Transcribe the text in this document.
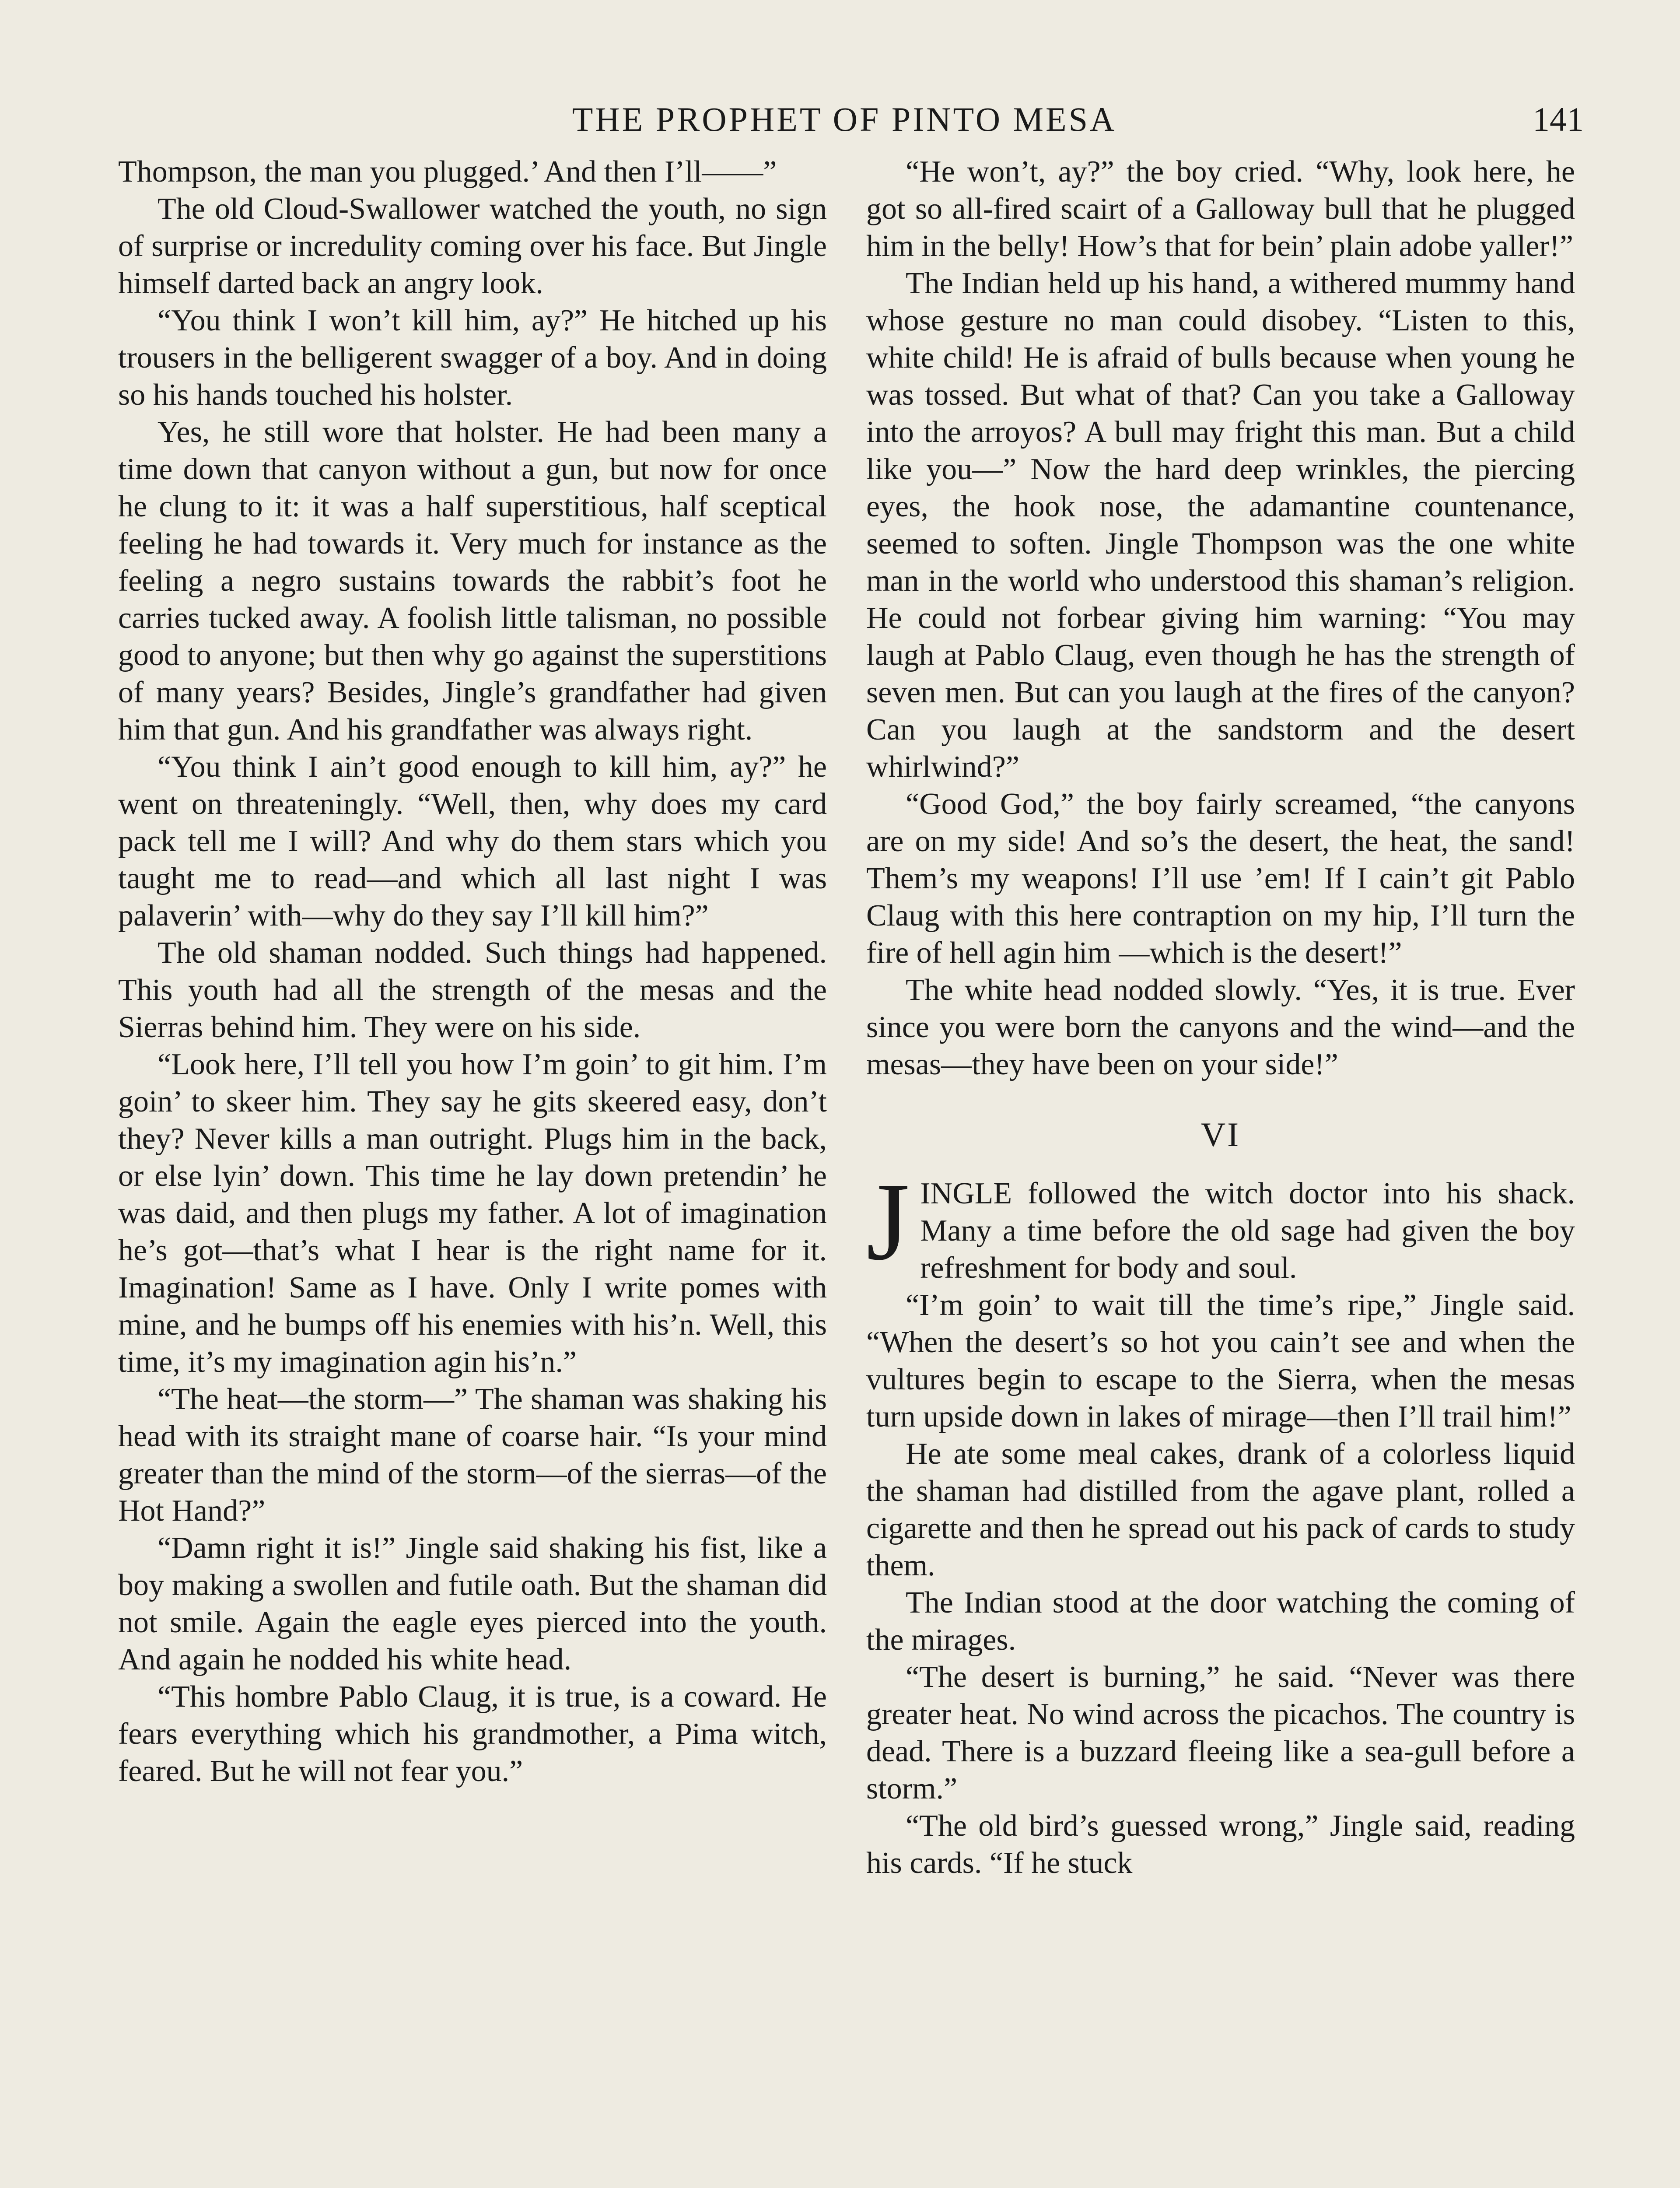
THE PROPHET OF PINTO MESA	141

Thompson, the man you plugged.’ And then I’ll——”

The old Cloud-Swallower watched the youth, no sign of surprise or incredulity coming over his face. But Jingle himself darted back an angry look.

“You think I won’t kill him, ay?” He hitched up his trousers in the belligerent swagger of a boy. And in doing so his hands touched his holster.

Yes, he still wore that holster. He had been many a time down that canyon without a gun, but now for once he clung to it: it was a half superstitious, half sceptical feeling he had towards it. Very much for instance as the feeling a negro sustains towards the rabbit’s foot he carries tucked away. A foolish little talisman, no possible good to anyone; but then why go against the superstitions of many years? Besides, Jingle’s grandfather had given him that gun. And his grandfather was always right.

“You think I ain’t good enough to kill him, ay?” he went on threateningly. “Well, then, why does my card pack tell me I will? And why do them stars which you taught me to read—and which all last night I was palaverin’ with—why do they say I’ll kill him?”

The old shaman nodded. Such things had happened. This youth had all the strength of the mesas and the Sierras behind him. They were on his side.

“Look here, I’ll tell you how I’m goin’ to git him. I’m goin’ to skeer him. They say he gits skeered easy, don’t they? Never kills a man outright. Plugs him in the back, or else lyin’ down. This time he lay down pretendin’ he was daid, and then plugs my father. A lot of imagination he’s got—that’s what I hear is the right name for it. Imagination! Same as I have. Only I write pomes with mine, and he bumps off his enemies with his’n. Well, this time, it’s my imagination agin his’n.”

“The heat—the storm—” The shaman was shaking his head with its straight mane of coarse hair. “Is your mind greater than the mind of the storm—of the sierras—of the Hot Hand?”

“Damn right it is!” Jingle said shaking his fist, like a boy making a swollen and futile oath. But the shaman did not smile. Again the eagle eyes pierced into the youth. And again he nodded his white head.

“This hombre Pablo Claug, it is true, is a coward. He fears everything which his grandmother, a Pima witch, feared. But he will not fear you.”

“He won’t, ay?” the boy cried. “Why, look here, he got so all-fired scairt of a Galloway bull that he plugged him in the belly! How’s that for bein’ plain adobe yaller!”

The Indian held up his hand, a withered mummy hand whose gesture no man could disobey. “Listen to this, white child! He is afraid of bulls because when young he was tossed. But what of that? Can you take a Galloway into the arroyos? A bull may fright this man. But a child like you—” Now the hard deep wrinkles, the piercing eyes, the hook nose, the adamantine countenance, seemed to soften. Jingle Thompson was the one white man in the world who understood this shaman’s religion. He could not forbear giving him warning: “You may laugh at Pablo Claug, even though he has the strength of seven men. But can you laugh at the fires of the canyon? Can you laugh at the sandstorm and the desert whirlwind?”

“Good God,” the boy fairly screamed, “the canyons are on my side! And so’s the desert, the heat, the sand! Them’s my weapons! I’ll use ’em! If I cain’t git Pablo Claug with this here contraption on my hip, I’ll turn the fire of hell agin him —which is the desert!”

The white head nodded slowly. “Yes, it is true. Ever since you were born the canyons and the wind—and the mesas—they have been on your side!”

VI

JINGLE followed the witch doctor into his shack. Many a time before the old sage had given the boy refreshment for body and soul.

“I’m goin’ to wait till the time’s ripe,” Jingle said. “When the desert’s so hot you cain’t see and when the vultures begin to escape to the Sierra, when the mesas turn upside down in lakes of mirage—then I’ll trail him!”

He ate some meal cakes, drank of a colorless liquid the shaman had distilled from the agave plant, rolled a cigarette and then he spread out his pack of cards to study them.

The Indian stood at the door watching the coming of the mirages.

“The desert is burning,” he said. “Never was there greater heat. No wind across the picachos. The country is dead. There is a buzzard fleeing like a sea-gull before a storm.”

“The old bird’s guessed wrong,” Jingle said, reading his cards. “If he stuck
